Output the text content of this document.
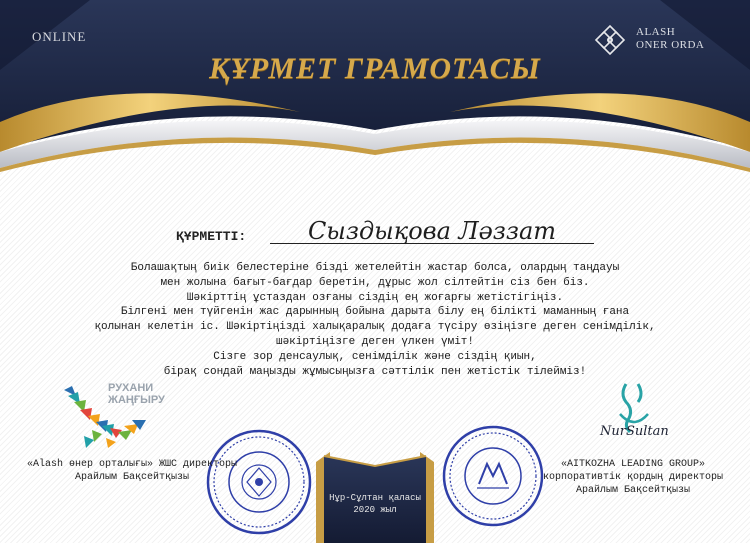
ONLINE	ALASH
ONER ORDA
ҚҰРМЕТ ГРАМОТАСЫ
ҚҰРМЕТТІ:	Сыздықова Ләззат
Болашақтың биік белестеріне бізді жетелейтін жастар болса, олардың таңдауы
мен жолына бағыт-бағдар беретін, дұрыс жол сілтейтін сіз бен біз.
Шәкірттің ұстаздан озғаны сіздің ең жоғарғы жетістігіңіз.
Білгені мен түйгенін жас дарынның бойына дарыта білу ең білікті маманның ғана
қолынан келетін іс. Шәкіртіңізді халықаралық додаға түсіру өзіңізге деген сенімділік,
шәкіртіңізге деген үлкен үміт!
Сізге зор денсаулық, сенімділік және сіздің қиын,
бірақ сондай маңызды жұмысыңызға сәттілік пен жетістік тілейміз!
РУХАНИ
ЖАҢҒЫРУ
Нұр-Сұлтан қаласы
2020 жыл
NurSultan
«Alash өнер орталығы» ЖШС директоры
Арайлым Бақсейтқызы
«AITKOZHA LEADING GROUP»
корпоративтік қордың директоры
Арайлым Бақсейтқызы
